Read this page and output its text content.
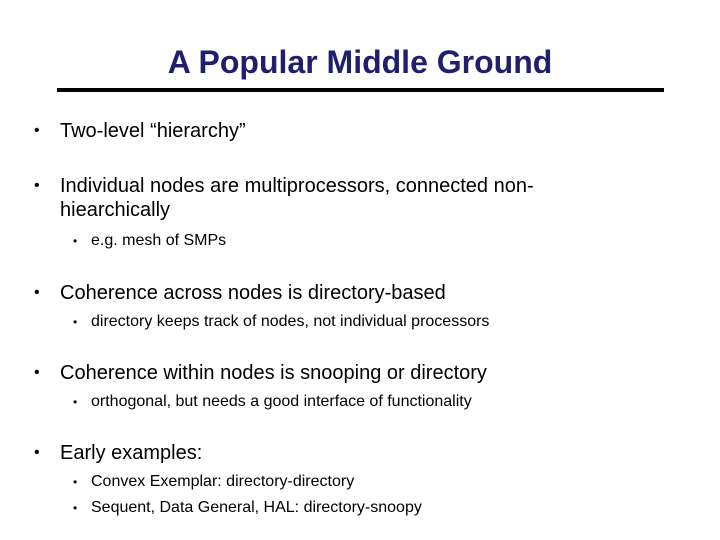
A Popular Middle Ground
• Two-level “hierarchy”
• Individual nodes are multiprocessors, connected non-
hiearchically
• e.g. mesh of SMPs
• Coherence across nodes is directory-based
• directory keeps track of nodes, not individual processors
• Coherence within nodes is snooping or directory
• orthogonal, but needs a good interface of functionality
• Early examples:
• Convex Exemplar: directory-directory
• Sequent, Data General, HAL: directory-snoopy
